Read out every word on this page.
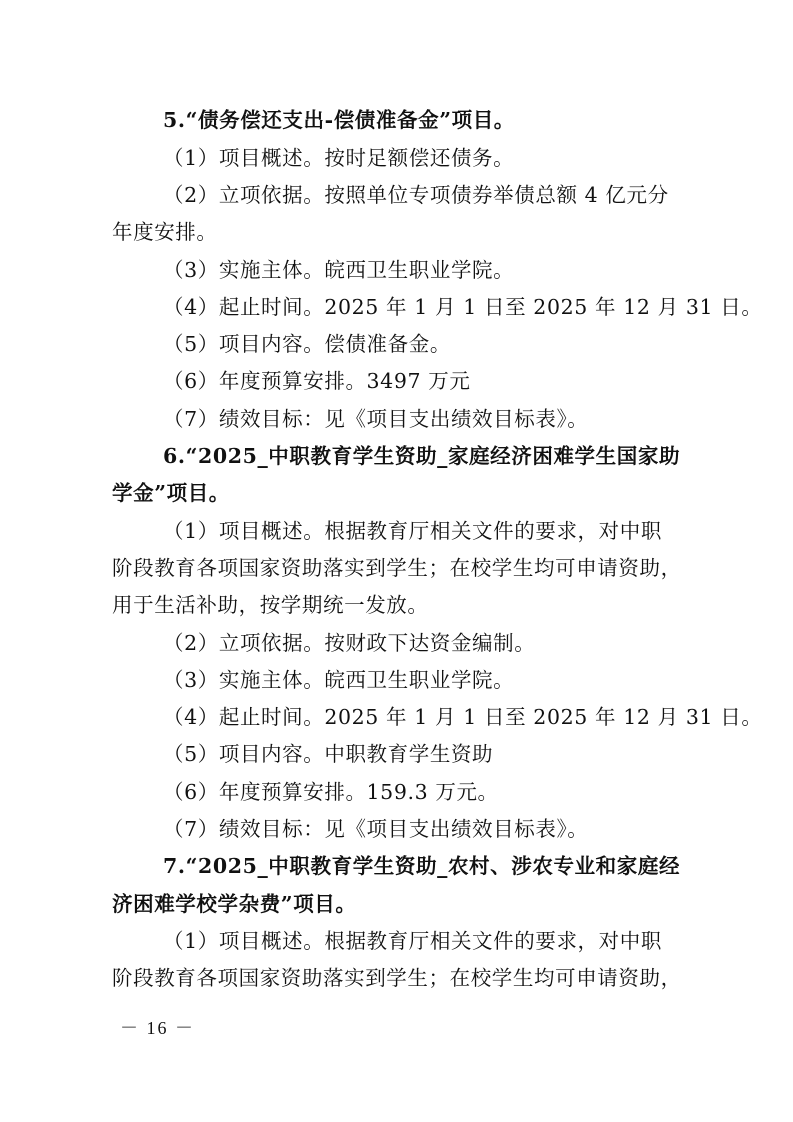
5.“债务偿还支出-偿债准备金”项目。
（1）项目概述。按时足额偿还债务。
（2）立项依据。按照单位专项债券举债总额 4 亿元分
年度安排。
（3）实施主体。皖西卫生职业学院。
（4）起止时间。2025 年 1 月 1 日至 2025 年 12 月 31 日。
（5）项目内容。偿债准备金。
（6）年度预算安排。3497 万元
（7）绩效目标：见《项目支出绩效目标表》。
6.“2025_中职教育学生资助_家庭经济困难学生国家助
学金”项目。
（1）项目概述。根据教育厅相关文件的要求，对中职
阶段教育各项国家资助落实到学生；在校学生均可申请资助，
用于生活补助，按学期统一发放。
（2）立项依据。按财政下达资金编制。
（3）实施主体。皖西卫生职业学院。
（4）起止时间。2025 年 1 月 1 日至 2025 年 12 月 31 日。
（5）项目内容。中职教育学生资助
（6）年度预算安排。159.3 万元。
（7）绩效目标：见《项目支出绩效目标表》。
7.“2025_中职教育学生资助_农村、涉农专业和家庭经
济困难学校学杂费”项目。
（1）项目概述。根据教育厅相关文件的要求，对中职
阶段教育各项国家资助落实到学生；在校学生均可申请资助，
－ 16 －
